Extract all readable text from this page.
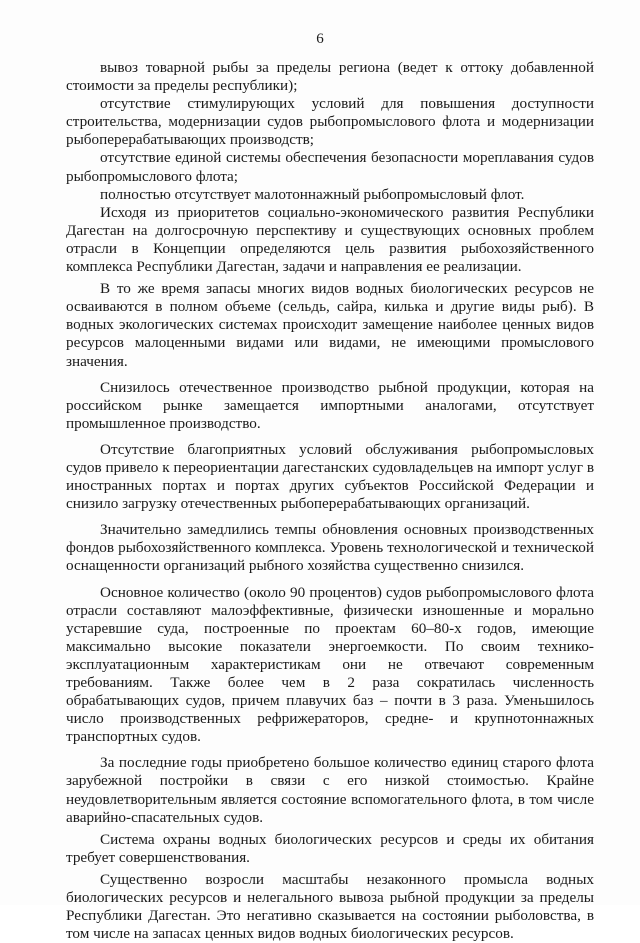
6

вывоз товарной рыбы за пределы региона (ведет к оттоку добавленной стоимости за пределы республики);

отсутствие стимулирующих условий для повышения доступности строительства, модернизации судов рыбопромыслового флота и модернизации рыбоперерабатывающих производств;

отсутствие единой системы обеспечения безопасности мореплавания судов рыбопромыслового флота;

полностью отсутствует малотоннажный рыбопромысловый флот.

Исходя из приоритетов социально-экономического развития Республики Дагестан на долгосрочную перспективу и существующих основных проблем отрасли в Концепции определяются цель развития рыбохозяйственного комплекса Республики Дагестан, задачи и направления ее реализации.

В то же время запасы многих видов водных биологических ресурсов не осваиваются в полном объеме (сельдь, сайра, килька и другие виды рыб). В водных экологических системах происходит замещение наиболее ценных видов ресурсов малоценными видами или видами, не имеющими промыслового значения.

Снизилось отечественное производство рыбной продукции, которая на российском рынке замещается импортными аналогами, отсутствует промышленное производство.

Отсутствие благоприятных условий обслуживания рыбопромысловых судов привело к переориентации дагестанских судовладельцев на импорт услуг в иностранных портах и портах других субъектов Российской Федерации и снизило загрузку отечественных рыбоперерабатывающих организаций.

Значительно замедлились темпы обновления основных производственных фондов рыбохозяйственного комплекса. Уровень технологической и технической оснащенности организаций рыбного хозяйства существенно снизился.

Основное количество (около 90 процентов) судов рыбопромыслового флота отрасли составляют малоэффективные, физически изношенные и морально устаревшие суда, построенные по проектам 60–80-х годов, имеющие максимально высокие показатели энергоемкости. По своим технико-эксплуатационным характеристикам они не отвечают современным требованиям. Также более чем в 2 раза сократилась численность обрабатывающих судов, причем плавучих баз – почти в 3 раза. Уменьшилось число производственных рефрижераторов, средне- и крупнотоннажных транспортных судов.

За последние годы приобретено большое количество единиц старого флота зарубежной постройки в связи с его низкой стоимостью. Крайне неудовлетворительным является состояние вспомогательного флота, в том числе аварийно-спасательных судов.

Система охраны водных биологических ресурсов и среды их обитания требует совершенствования.

Существенно возросли масштабы незаконного промысла водных биологических ресурсов и нелегального вывоза рыбной продукции за пределы Республики Дагестан. Это негативно сказывается на состоянии рыболовства, в том числе на запасах ценных видов водных биологических ресурсов.
